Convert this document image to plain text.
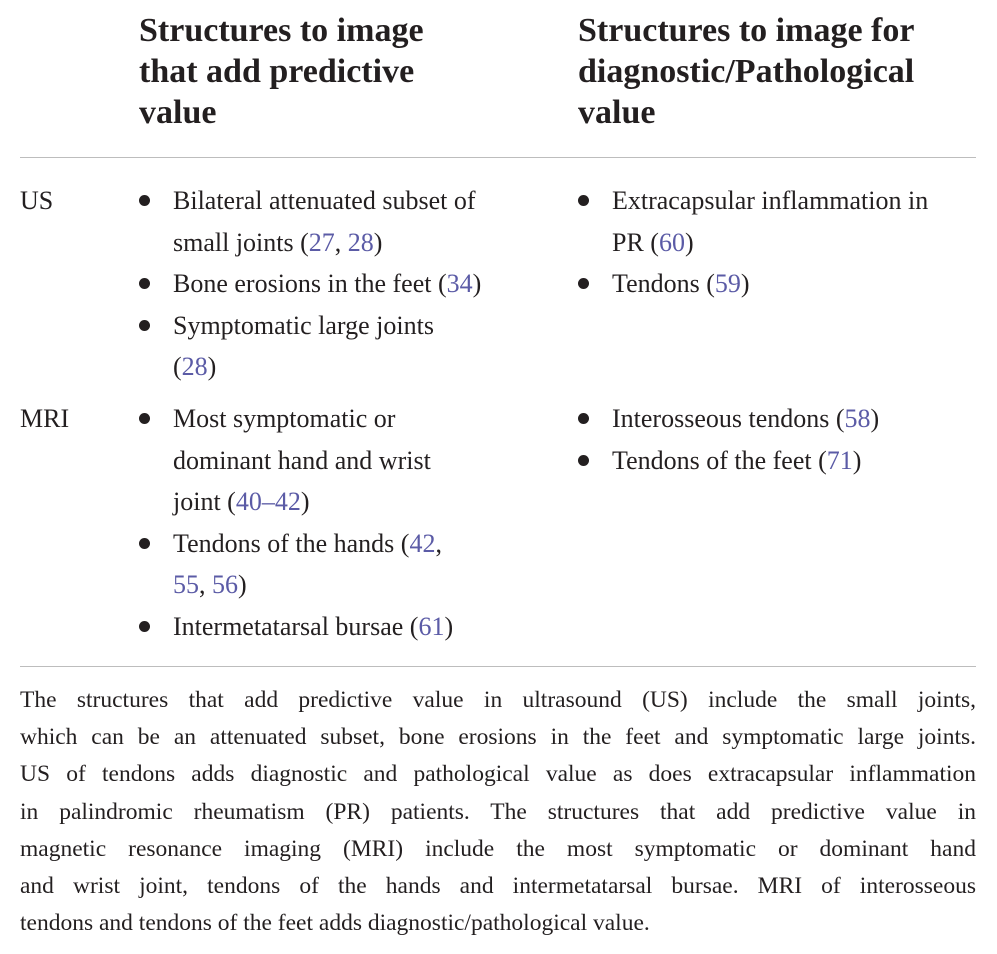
Structures to image
that add predictive
value
Structures to image for
diagnostic/Pathological
value
US
MRI
Bilateral attenuated subset of
small joints (27, 28)
Bone erosions in the feet (34)
Symptomatic large joints
(28)
Extracapsular inflammation in
PR (60)
Tendons (59)
Most symptomatic or
dominant hand and wrist
joint (40–42)
Tendons of the hands (42,
55, 56)
Intermetatarsal bursae (61)
Interosseous tendons (58)
Tendons of the feet (71)
The structures that add predictive value in ultrasound (US) include the small joints,
which can be an attenuated subset, bone erosions in the feet and symptomatic large joints.
US of tendons adds diagnostic and pathological value as does extracapsular inflammation
in palindromic rheumatism (PR) patients. The structures that add predictive value in
magnetic resonance imaging (MRI) include the most symptomatic or dominant hand
and wrist joint, tendons of the hands and intermetatarsal bursae. MRI of interosseous
tendons and tendons of the feet adds diagnostic/pathological value.
